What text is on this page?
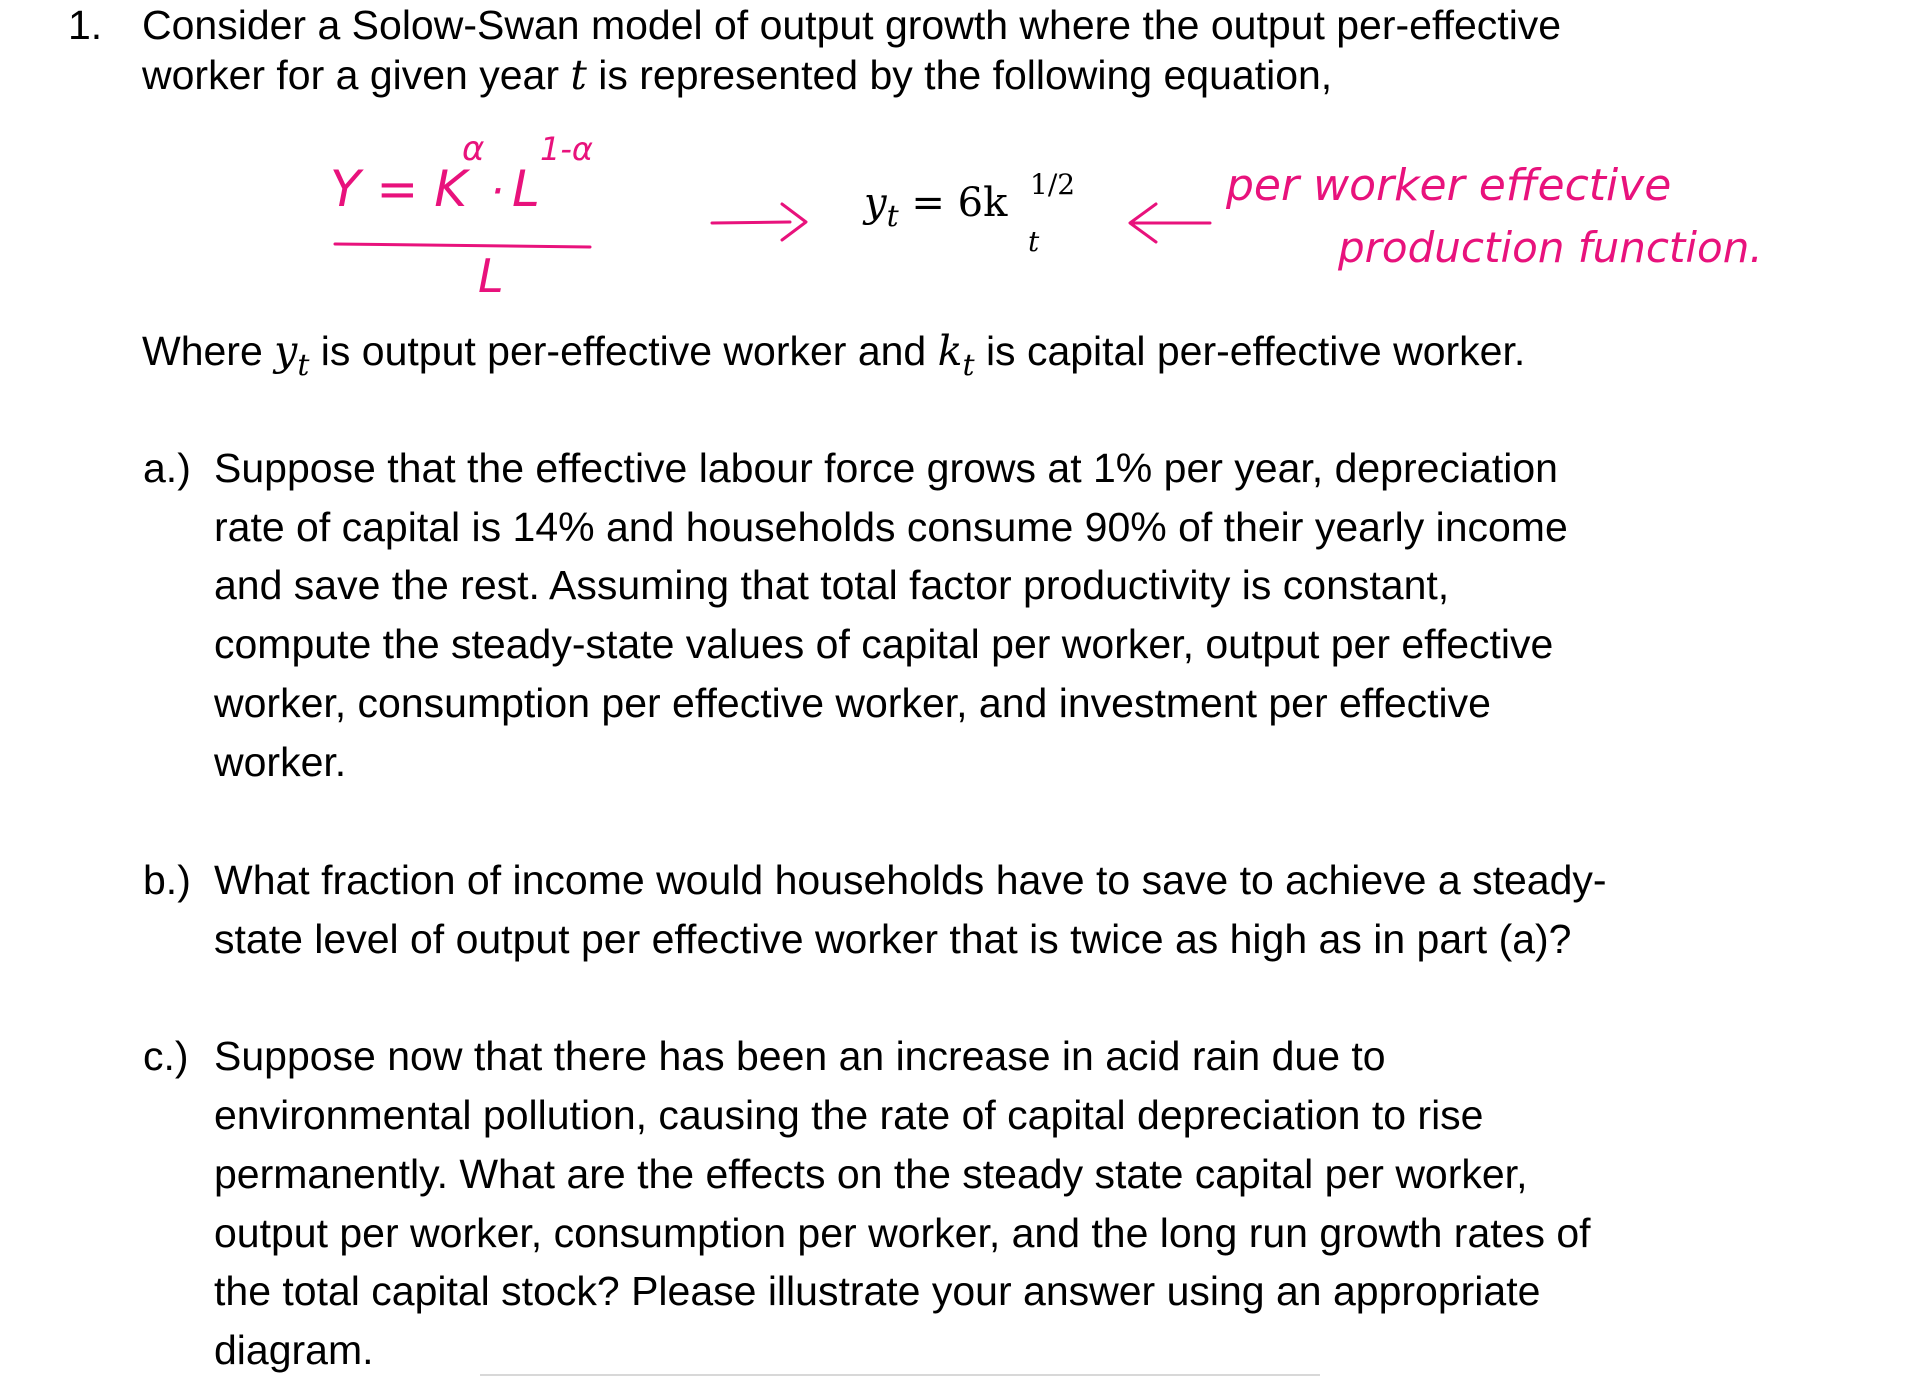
1. Consider a Solow-Swan model of output growth where the output per-effective
worker for a given year t is represented by the following equation,
$y_t = 6k$ 1/2
t
Where $y_t$ is output per-effective worker and $k_t$ is capital per-effective worker.
a.) Suppose that the effective labour force grows at 1% per year, depreciation
rate of capital is 14% and households consume 90% of their yearly income
and save the rest. Assuming that total factor productivity is constant,
compute the steady-state values of capital per worker, output per effective
worker, consumption per effective worker, and investment per effective
worker.
b.) What fraction of income would households have to save to achieve a steady-
state level of output per effective worker that is twice as high as in part (a)?
c.) Suppose now that there has been an increase in acid rain due to
environmental pollution, causing the rate of capital depreciation to rise
permanently. What are the effects on the steady state capital per worker,
output per worker, consumption per worker, and the long run growth rates of
the total capital stock? Please illustrate your answer using an appropriate
diagram.
Y = K
α
· L
1-α
L
per worker effective
production function.
